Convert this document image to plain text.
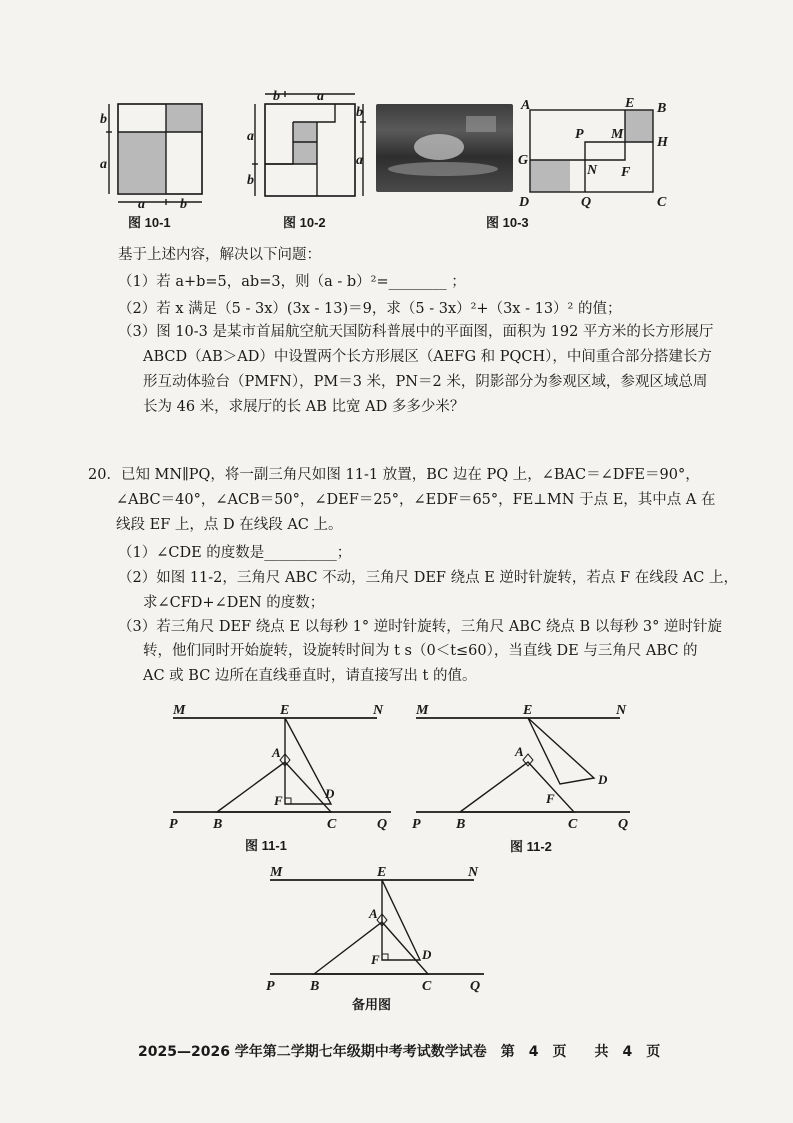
b
a
a	b
图 10-1
b	a
a
b
b
a
图 10-2
A	E B
H
P M
G
N F
D	Q	C
图 10-3
基于上述内容，解决以下问题：
（1）若 a+b=5，ab=3，则（a - b）²=________ ；
（2）若 x 满足（5 - 3x）(3x - 13)＝9，求（5 - 3x）²+（3x - 13）² 的值；
（3）图 10-3 是某市首届航空航天国防科普展中的平面图，面积为 192 平方米的长方形展厅
ABCD（AB＞AD）中设置两个长方形展区（AEFG 和 PQCH），中间重合部分搭建长方
形互动体验台（PMFN），PM＝3 米，PN＝2 米，阴影部分为参观区域，参观区域总周
长为 46 米，求展厅的长 AB 比宽 AD 多多少米？
20．已知 MN∥PQ，将一副三角尺如图 11-1 放置，BC 边在 PQ 上，∠BAC＝∠DFE＝90°，
∠ABC＝40°，∠ACB＝50°，∠DEF＝25°，∠EDF＝65°，FE⊥MN 于点 E，其中点 A 在
线段 EF 上，点 D 在线段 AC 上。
（1）∠CDE 的度数是__________；
（2）如图 11-2，三角尺 ABC 不动，三角尺 DEF 绕点 E 逆时针旋转，若点 F 在线段 AC 上，
求∠CFD+∠DEN 的度数；
（3）若三角尺 DEF 绕点 E 以每秒 1° 逆时针旋转，三角尺 ABC 绕点 B 以每秒 3° 逆时针旋
转，他们同时开始旋转，设旋转时间为 t s（0＜t≤60），当直线 DE 与三角尺 ABC 的
AC 或 BC 边所在直线垂直时，请直接写出 t 的值。
M	E	N
A
F	D
P	B	C	Q
图 11-1
M	E	N
A
D
F
P	B	C	Q
图 11-2
M	E	N
A
F	D
P	B	C	Q
备用图
2025—2026 学年第二学期七年级期中考考试数学试卷　第　4　页　　共　4　页
